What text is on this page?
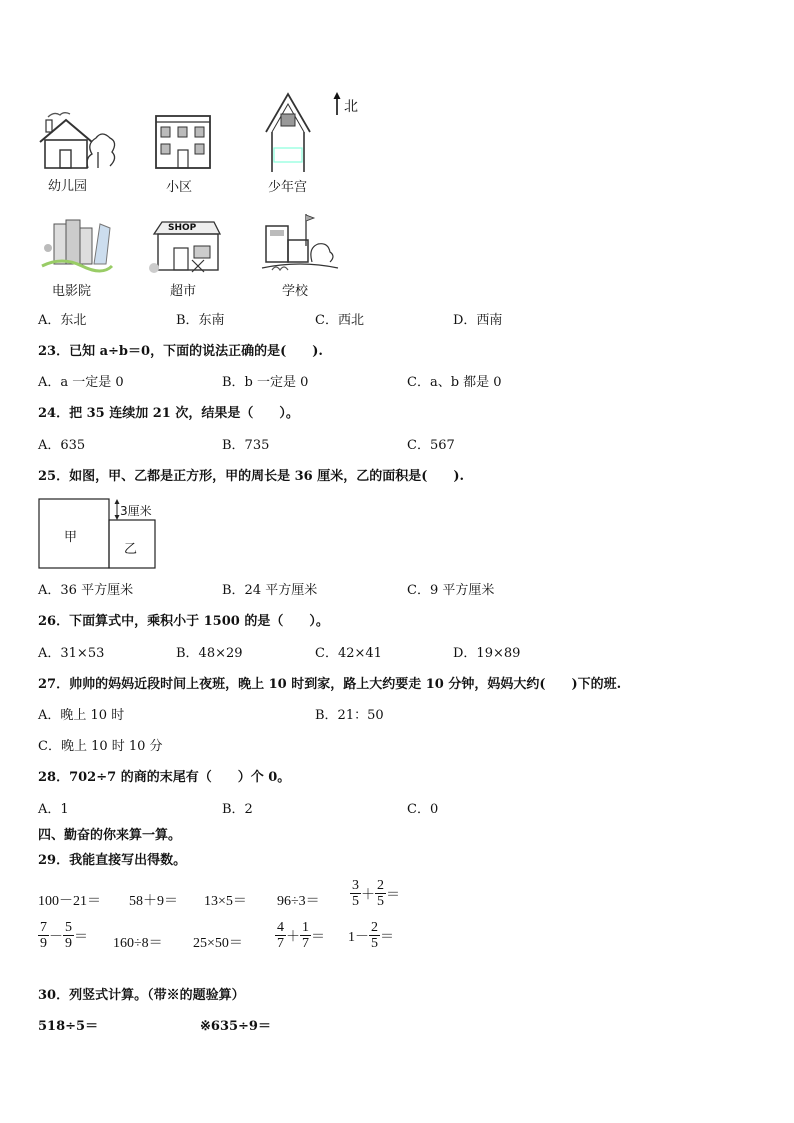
北
幼儿园	小区	少年宫
电影院
SHOP
超市	学校
A．东北	B．东南	C．西北	D．西南
23．已知 a÷b＝0，下面的说法正确的是(　　).
A．a 一定是 0	B．b 一定是 0	C．a、b 都是 0
24．把 35 连续加 21 次，结果是（　　）。
A．635	B．735	C．567
25．如图，甲、乙都是正方形，甲的周长是 36 厘米，乙的面积是(　　).
甲
乙
3厘米
A．36 平方厘米	B．24 平方厘米	C．9 平方厘米
26．下面算式中，乘积小于 1500 的是（　　）。
A．31×53	B．48×29	C．42×41	D．19×89
27．帅帅的妈妈近段时间上夜班，晚上 10 时到家，路上大约要走 10 分钟，妈妈大约(　　)下的班.
A．晚上 10 时	B．21：50
C．晚上 10 时 10 分
28．702÷7 的商的末尾有（　　）个 0。
A．1	B．2	C．0
四、勤奋的你来算一算。
29．我能直接写出得数。
$100-21= 58+9= 13\times 5= 96\div 3= \frac{3}{5} + \frac{2}{5}$ ＝
$\frac{7}{9} - \frac{5}{9} = 160\div 8= 25\times 50= \frac{4}{7} + \frac{1}{7} = 1- \frac{2}{5}$ ＝
30．列竖式计算。（带※的题验算）
518÷5＝	※635÷9＝
